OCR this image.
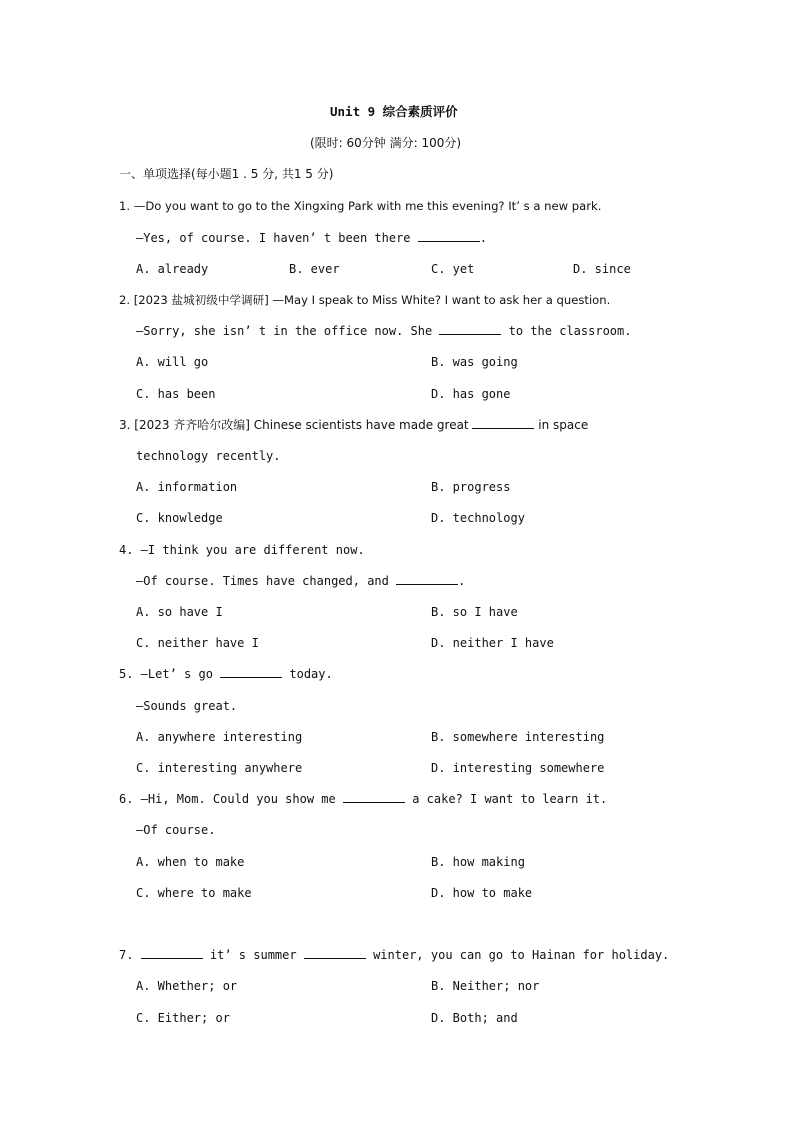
Unit 9 综合素质评价
(限时: 60分钟 满分: 100分)
一、单项选择(每小题1 . 5 分, 共1 5 分)
1. —Do you want to go to the Xingxing Park with me this evening? It’ s a new park.
—Yes, of course. I haven’ t been there	.
A. already	B. ever	C. yet	D. since
2. [2023 盐城初级中学调研] —May I speak to Miss White? I want to ask her a question.
—Sorry, she isn’ t in the office now. She	to the classroom.
A. will go	B. was going
C. has been	D. has gone
3. [2023 齐齐哈尔改编] Chinese scientists have made great	in space
technology recently.
A. information	B. progress
C. knowledge	D. technology
4. —I think you are different now.
—Of course. Times have changed, and	.
A. so have I	B. so I have
C. neither have I	D. neither I have
5. —Let’ s go	today.
—Sounds great.
A. anywhere interesting	B. somewhere interesting
C. interesting anywhere	D. interesting somewhere
6. —Hi, Mom. Could you show me	a cake? I want to learn it.
—Of course.
A. when to make	B. how making
C. where to make	D. how to make
7.	it’ s summer	winter, you can go to Hainan for holiday.
A. Whether; or	B. Neither; nor
C. Either; or	D. Both; and
